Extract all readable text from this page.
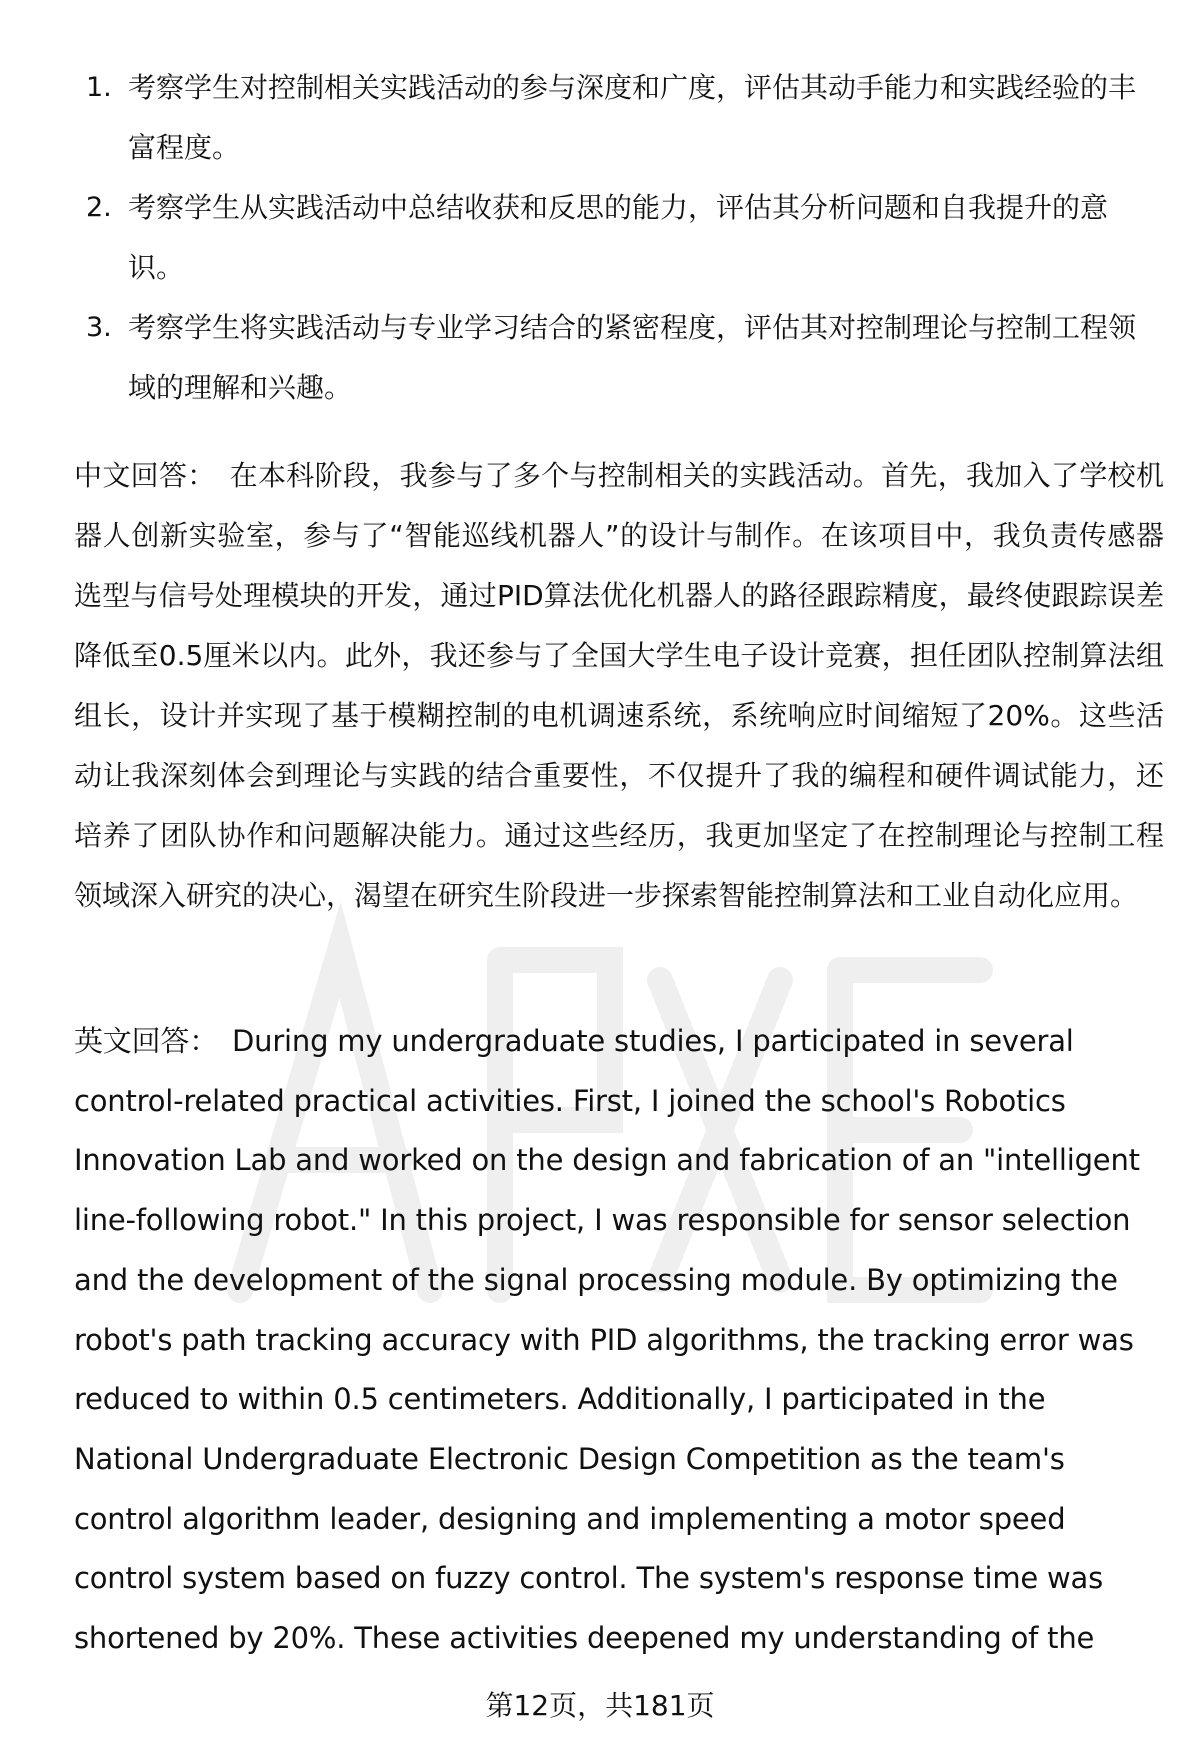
1. 考察学生对控制相关实践活动的参与深度和广度，评估其动手能力和实践经验的丰富程度。
2. 考察学生从实践活动中总结收获和反思的能力，评估其分析问题和自我提升的意识。
3. 考察学生将实践活动与专业学习结合的紧密程度，评估其对控制理论与控制工程领域的理解和兴趣。
中文回答： 在本科阶段，我参与了多个与控制相关的实践活动。首先，我加入了学校机器人创新实验室，参与了“智能巡线机器人”的设计与制作。在该项目中，我负责传感器选型与信号处理模块的开发，通过PID算法优化机器人的路径跟踪精度，最终使跟踪误差降低至0.5厘米以内。此外，我还参与了全国大学生电子设计竞赛，担任团队控制算法组组长，设计并实现了基于模糊控制的电机调速系统，系统响应时间缩短了20%。这些活动让我深刻体会到理论与实践的结合重要性，不仅提升了我的编程和硬件调试能力，还培养了团队协作和问题解决能力。通过这些经历，我更加坚定了在控制理论与控制工程领域深入研究的决心，渴望在研究生阶段进一步探索智能控制算法和工业自动化应用。
英文回答： During my undergraduate studies, I participated in several control-related practical activities. First, I joined the school's Robotics Innovation Lab and worked on the design and fabrication of an "intelligent line-following robot." In this project, I was responsible for sensor selection and the development of the signal processing module. By optimizing the robot's path tracking accuracy with PID algorithms, the tracking error was reduced to within 0.5 centimeters. Additionally, I participated in the National Undergraduate Electronic Design Competition as the team's control algorithm leader, designing and implementing a motor speed control system based on fuzzy control. The system's response time was shortened by 20%. These activities deepened my understanding of the
第12页，共181页
